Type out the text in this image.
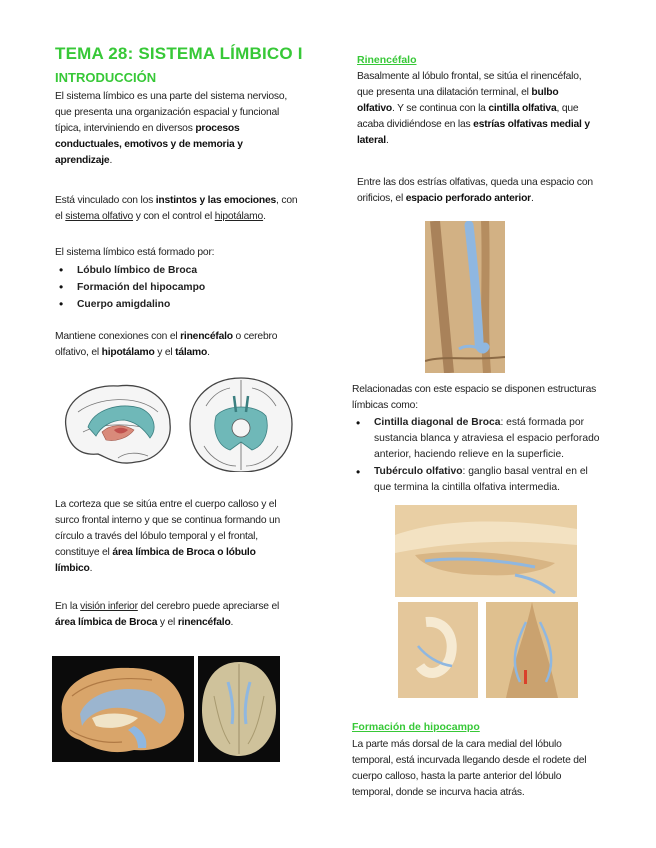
TEMA 28: SISTEMA LÍMBICO I
INTRODUCCIÓN
El sistema límbico es una parte del sistema nervioso, que presenta una organización espacial y funcional típica, interviniendo en diversos procesos conductuales, emotivos y de memoria y aprendizaje.
Está vinculado con los instintos y las emociones, con el sistema olfativo y con el control el hipotálamo.
El sistema límbico está formado por:
• Lóbulo límbico de Broca
• Formación del hipocampo
• Cuerpo amigdalino
Mantiene conexiones con el rinencéfalo o cerebro olfativo, el hipotálamo y el tálamo.
La corteza que se sitúa entre el cuerpo calloso y el surco frontal interno y que se continua formando un círculo a través del lóbulo temporal y el frontal, constituye el área límbica de Broca o lóbulo límbico.
En la visión inferior del cerebro puede apreciarse el área límbica de Broca y el rinencéfalo.
Rinencéfalo
Basalmente al lóbulo frontal, se sitúa el rinencéfalo, que presenta una dilatación terminal, el bulbo olfativo. Y se continua con la cintilla olfativa, que acaba dividiéndose en las estrías olfativas medial y lateral.
Entre las dos estrías olfativas, queda una espacio con orificios, el espacio perforado anterior.
Relacionadas con este espacio se disponen estructuras límbicas como:
• Cintilla diagonal de Broca: está formada por sustancia blanca y atraviesa el espacio perforado anterior, haciendo relieve en la superficie.
• Tubérculo olfativo: ganglio basal ventral en el que termina la cintilla olfativa intermedia.
Formación de hipocampo
La parte más dorsal de la cara medial del lóbulo temporal, está incurvada llegando desde el rodete del cuerpo calloso, hasta la parte anterior del lóbulo temporal, donde se incurva hacia atrás.
